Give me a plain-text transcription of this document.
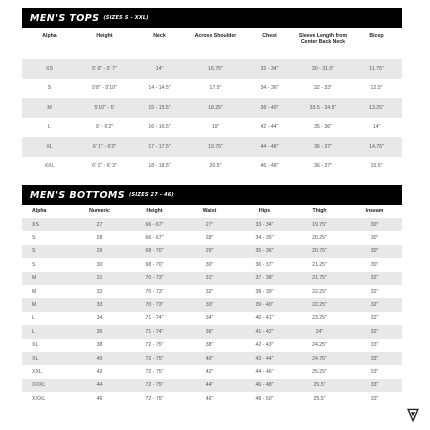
MEN'S TOPS (SIZES S - XXL)
Alpha	Height	Neck	Across Shoulder	Chest	Sleeve Length from Center Back Neck	Bicep
XS	5' 6" - 5' 7"	14"	16.75"	32 - 34"	30 - 31.5"	11.75"
S	5'8" - 5'10"	14 - 14.5"	17.5"	34 - 36"	32 - 33"	12.5"
M	5'10" - 6'	15 - 15.5"	18.25"	38 - 40"	33.5 - 34.5"	13.25"
L	6' - 6'2"	16 - 16.5"	19"	42 - 44"	35 - 36"	14"
XL	6' 1" - 6'3"	17 - 17.5"	19.75"	44 - 46"	36 - 37"	14.75"
XXL	6' 1" - 6' 3"	18 - 18.5"	20.5"	46 - 48"	36 - 37"	15.5"
MEN'S BOTTOMS (SIZES 27 - 46)
Alpha	Numeric	Height	Waist	Hips	Thigh	Inseam
XS	27	66 - 67"	27"	33 - 34"	19.75"	30"
S	28	66 - 67"	28"	34 - 35"	20.25"	30"
S	29	68 - 70"	29"	35 - 36"	20.75"	30"
S	30	68 - 70"	30"	36 - 37"	21.25"	30"
M	31	70 - 73"	31"	37 - 38"	21.75"	32"
M	32	70 - 73"	32"	38 - 39"	22.25"	32"
M	33	70 - 73"	33"	39 - 40"	22.25"	32"
L	34	71 - 74"	34"	40 - 41"	23.25"	32"
L	36	71 - 74"	36"	41 - 42"	24"	32"
XL	38	72 - 75"	38"	42 - 43"	24.25"	33"
XL	40	72 - 75"	40"	43 - 44"	24.75"	33"
XXL	42	72 - 75"	42"	44 - 46"	25.25"	33"
XXXL	44	72 - 75"	44"	46 - 48"	25.5"	33"
XXXL	46	72 - 75"	46"	48 - 50"	25.5"	33"
